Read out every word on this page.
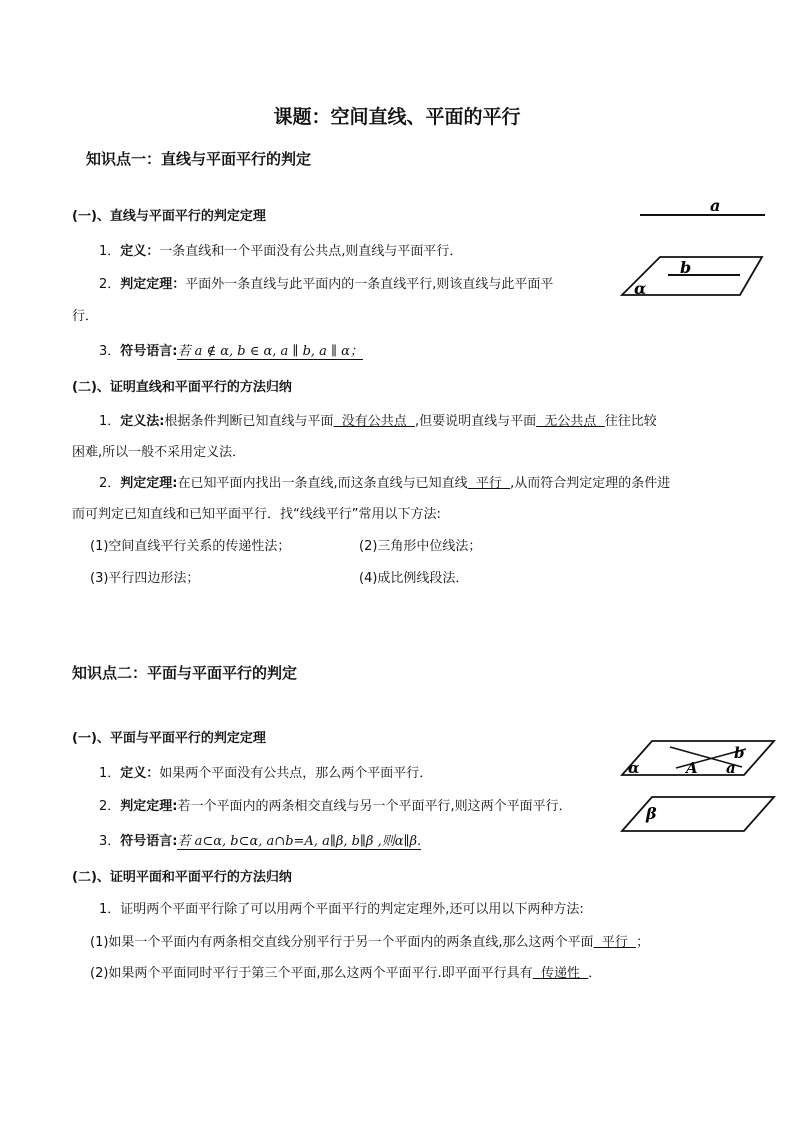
课题：空间直线、平面的平行
知识点一：直线与平面平行的判定
(一)、直线与平面平行的判定定理
1．定义：一条直线和一个平面没有公共点,则直线与平面平行．
2．判定定理：平面外一条直线与此平面内的一条直线平行,则该直线与此平面平
行．
3．符号语言:若 a ∉ α, b ∈ α, a ∥ b, a ∥ α；
(二)、证明直线和平面平行的方法归纳
1．定义法:根据条件判断已知直线与平面  没有公共点  ,但要说明直线与平面  无公共点  往往比较
困难,所以一般不采用定义法．
2．判定定理:在已知平面内找出一条直线,而这条直线与已知直线  平行  ,从而符合判定定理的条件进
而可判定已知直线和已知平面平行．找“线线平行”常用以下方法:
(1)空间直线平行关系的传递性法；	(2)三角形中位线法；
(3)平行四边形法；	(4)成比例线段法．
a
b
α
知识点二：平面与平面平行的判定
(一)、平面与平面平行的判定定理
1．定义：如果两个平面没有公共点，那么两个平面平行．
2．判定定理:若一个平面内的两条相交直线与另一个平面平行,则这两个平面平行．
3．符号语言:若 a⊂α, b⊂α, a∩b=A, a∥β, b∥β ,则α∥β.
(二)、证明平面和平面平行的方法归纳
1．证明两个平面平行除了可以用两个平面平行的判定定理外,还可以用以下两种方法:
(1)如果一个平面内有两条相交直线分别平行于另一个平面内的两条直线,那么这两个平面  平行  ；
(2)如果两个平面同时平行于第三个平面,那么这两个平面平行.即平面平行具有  传递性  ．
α	A a
b
β
